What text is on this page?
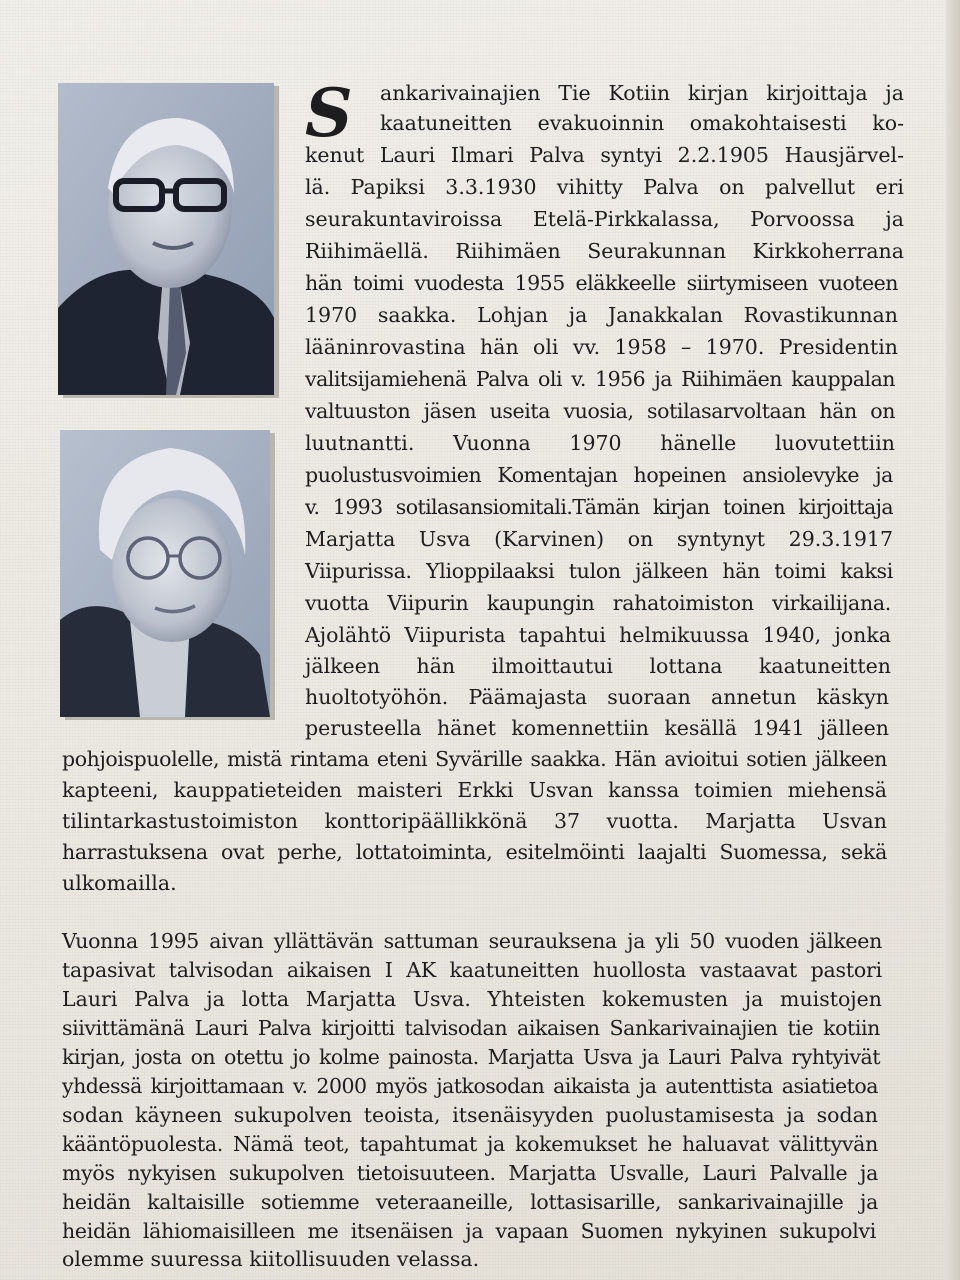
S ankarivainajien Tie Kotiin kirjan kirjoittaja ja
kaatuneitten evakuoinnin omakohtaisesti ko-
kenut Lauri Ilmari Palva syntyi 2.2.1905 Hausjärvel-
lä. Papiksi 3.3.1930 vihitty Palva on palvellut eri
seurakuntaviroissa Etelä-Pirkkalassa, Porvoossa ja
Riihimäellä. Riihimäen Seurakunnan Kirkkoherrana
hän toimi vuodesta 1955 eläkkeelle siirtymiseen vuoteen
1970 saakka. Lohjan ja Janakkalan Rovastikunnan
lääninrovastina hän oli vv. 1958 – 1970. Presidentin
valitsijamiehenä Palva oli v. 1956 ja Riihimäen kauppalan
valtuuston jäsen useita vuosia, sotilasarvoltaan hän on
luutnantti. Vuonna 1970 hänelle luovutettiin
puolustusvoimien Komentajan hopeinen ansiolevyke ja
v. 1993 sotilasansiomitali.Tämän kirjan toinen kirjoittaja
Marjatta Usva (Karvinen) on syntynyt 29.3.1917
Viipurissa. Ylioppilaaksi tulon jälkeen hän toimi kaksi
vuotta Viipurin kaupungin rahatoimiston virkailijana.
Ajolähtö Viipurista tapahtui helmikuussa 1940, jonka
jälkeen hän ilmoittautui lottana kaatuneitten
huoltotyöhön. Päämajasta suoraan annetun käskyn
perusteella hänet komennettiin kesällä 1941 jälleen
pohjoispuolelle, mistä rintama eteni Syvärille saakka. Hän avioitui sotien jälkeen
kapteeni, kauppatieteiden maisteri Erkki Usvan kanssa toimien miehensä
tilintarkastustoimiston konttoripäällikkönä 37 vuotta. Marjatta Usvan
harrastuksena ovat perhe, lottatoiminta, esitelmöinti laajalti Suomessa, sekä
ulkomailla.
Vuonna 1995 aivan yllättävän sattuman seurauksena ja yli 50 vuoden jälkeen
tapasivat talvisodan aikaisen I AK kaatuneitten huollosta vastaavat pastori
Lauri Palva ja lotta Marjatta Usva. Yhteisten kokemusten ja muistojen
siivittämänä Lauri Palva kirjoitti talvisodan aikaisen Sankarivainajien tie kotiin
kirjan, josta on otettu jo kolme painosta. Marjatta Usva ja Lauri Palva ryhtyivät
yhdessä kirjoittamaan v. 2000 myös jatkosodan aikaista ja autenttista asiatietoa
sodan käyneen sukupolven teoista, itsenäisyyden puolustamisesta ja sodan
kääntöpuolesta. Nämä teot, tapahtumat ja kokemukset he haluavat välittyvän
myös nykyisen sukupolven tietoisuuteen. Marjatta Usvalle, Lauri Palvalle ja
heidän kaltaisille sotiemme veteraaneille, lottasisarille, sankarivainajille ja
heidän lähiomaisilleen me itsenäisen ja vapaan Suomen nykyinen sukupolvi
olemme suuressa kiitollisuuden velassa.
